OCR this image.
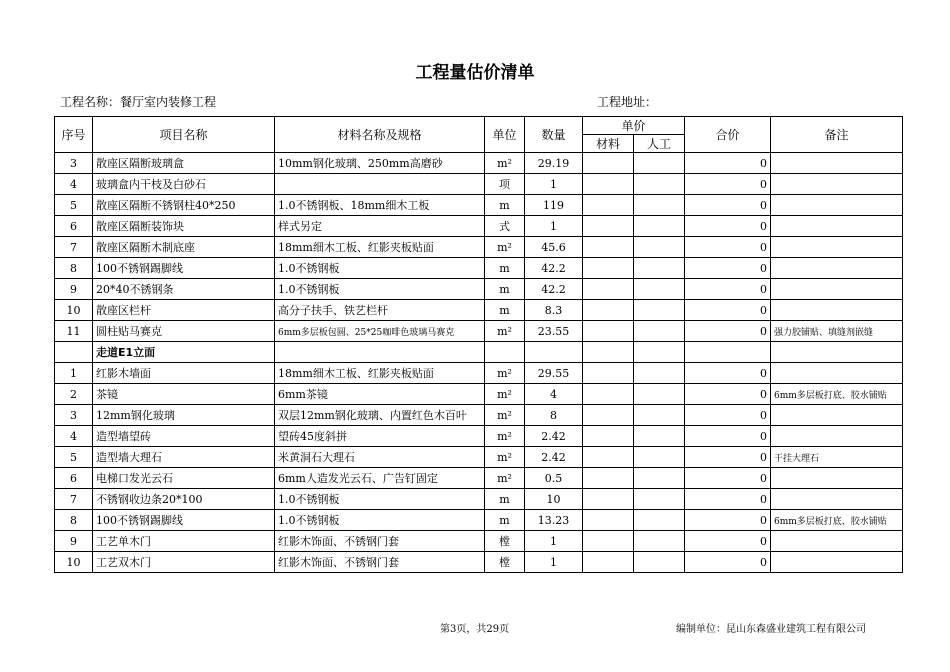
工程量估价清单
工程名称：餐厅室内装修工程	工程地址：
序号	项目名称	材料名称及规格	单位	数量	单价		合价	备注
					材料	人工		
3	散座区隔断玻璃盒	10mm钢化玻璃、250mm高磨砂	m²	29.19			0	
4	玻璃盒内干枝及白砂石		项	1			0	
5	散座区隔断不锈钢柱40*250	1.0不锈钢板、18mm细木工板	m	119			0	
6	散座区隔断装饰块	样式另定	式	1			0	
7	散座区隔断木制底座	18mm细木工板、红影夹板贴面	m²	45.6			0	
8	100不锈钢踢脚线	1.0不锈钢板	m	42.2			0	
9	20*40不锈钢条	1.0不锈钢板	m	42.2			0	
10	散座区栏杆	高分子扶手、铁艺栏杆	m	8.3			0	
11	圆柱贴马赛克	6mm多层板包圆、25*25咖啡色玻璃马赛克	m²	23.55			0	强力胶铺贴、填缝剂嵌缝
	走道E1立面							
1	红影木墙面	18mm细木工板、红影夹板贴面	m²	29.55			0	
2	茶镜	6mm茶镜	m²	4			0	6mm多层板打底、胶水铺贴
3	12mm钢化玻璃	双层12mm钢化玻璃、内置红色木百叶	m²	8			0	
4	造型墙望砖	望砖45度斜拼	m²	2.42			0	
5	造型墙大理石	米黄洞石大理石	m²	2.42			0	干挂大理石
6	电梯口发光云石	6mm人造发光云石、广告钉固定	m²	0.5			0	
7	不锈钢收边条20*100	1.0不锈钢板	m	10			0	
8	100不锈钢踢脚线	1.0不锈钢板	m	13.23			0	6mm多层板打底、胶水铺贴
9	工艺单木门	红影木饰面、不锈钢门套	樘	1			0	
10	工艺双木门	红影木饰面、不锈钢门套	樘	1			0	
第3页，共29页	编制单位：昆山东森盛业建筑工程有限公司
